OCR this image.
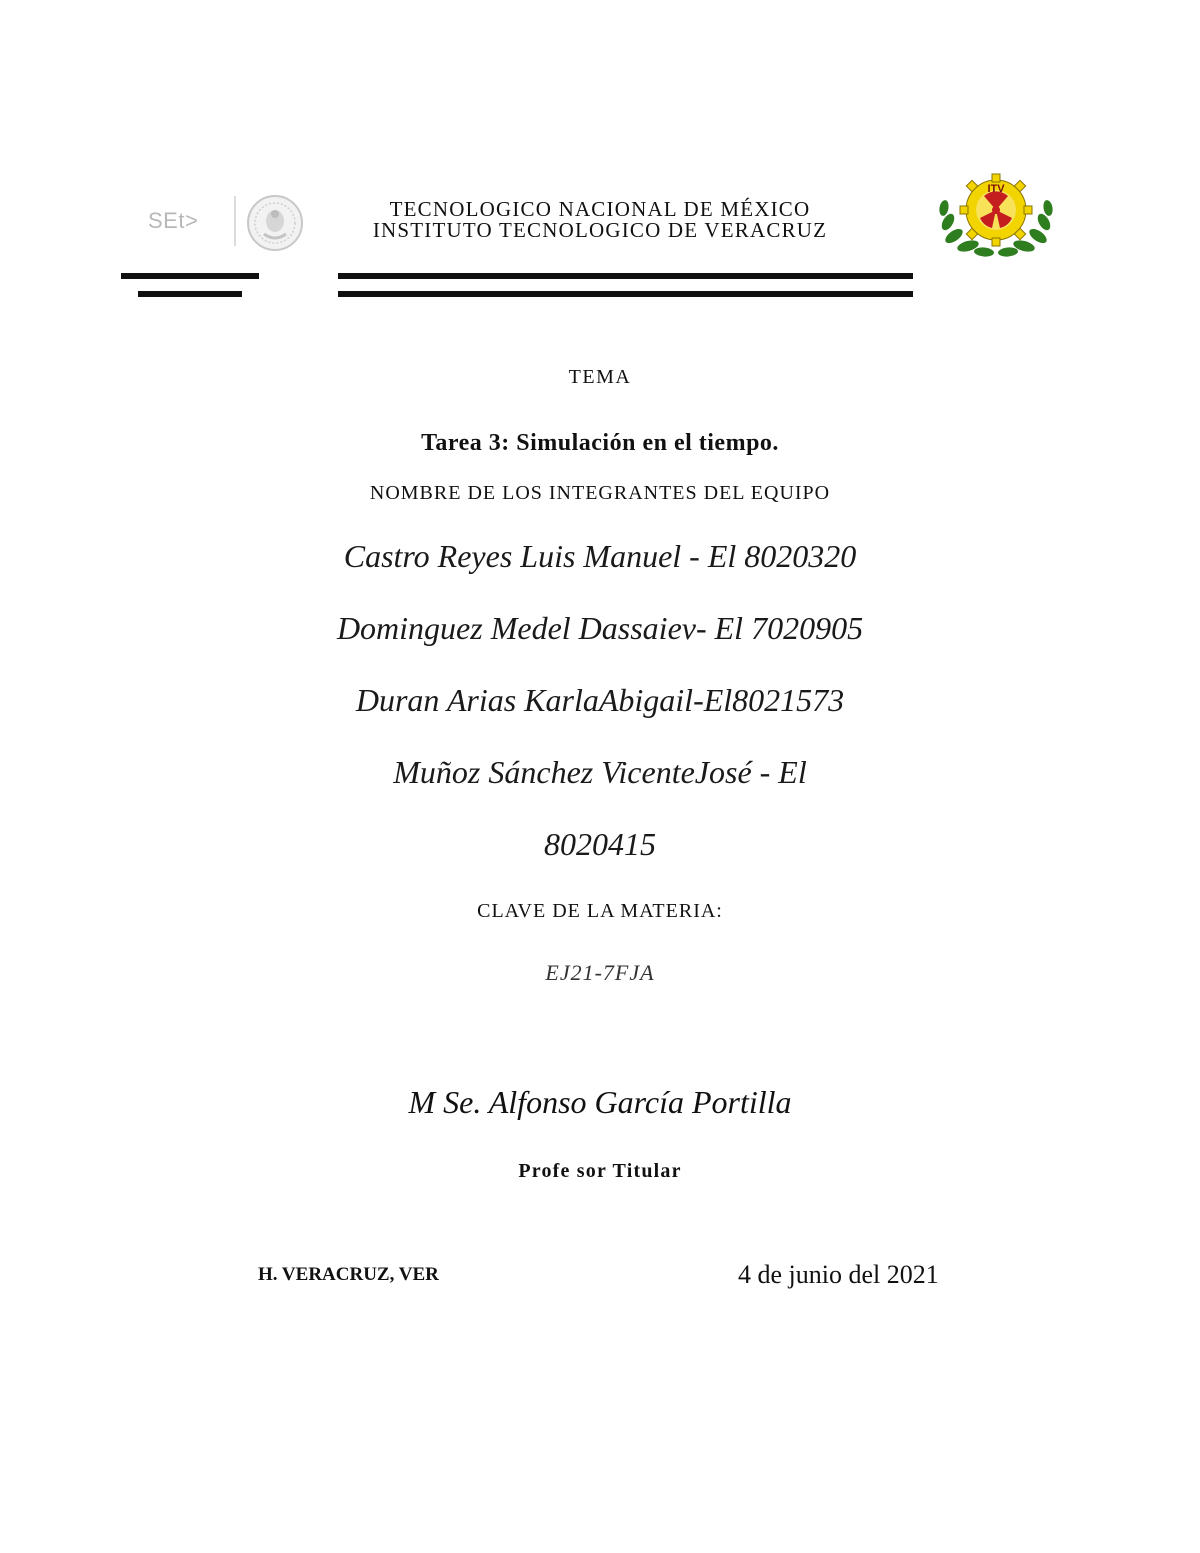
SEt>	TECNOLOGICO NACIONAL DE MÉXICO
INSTITUTO TECNOLOGICO DE VERACRUZ
ITV
TEMA
Tarea 3: Simulación en el tiempo.
NOMBRE DE LOS INTEGRANTES DEL EQUIPO
Castro Reyes Luis Manuel - El 8020320
Dominguez Medel Dassaiev- El 7020905
Duran Arias KarlaAbigail-El8021573
Muñoz Sánchez VicenteJosé - El
8020415
CLAVE DE LA MATERIA:
EJ21-7FJA
M Se. Alfonso García Portilla
Profe sor Titular
H. VERACRUZ, VER	4 de junio del 2021
